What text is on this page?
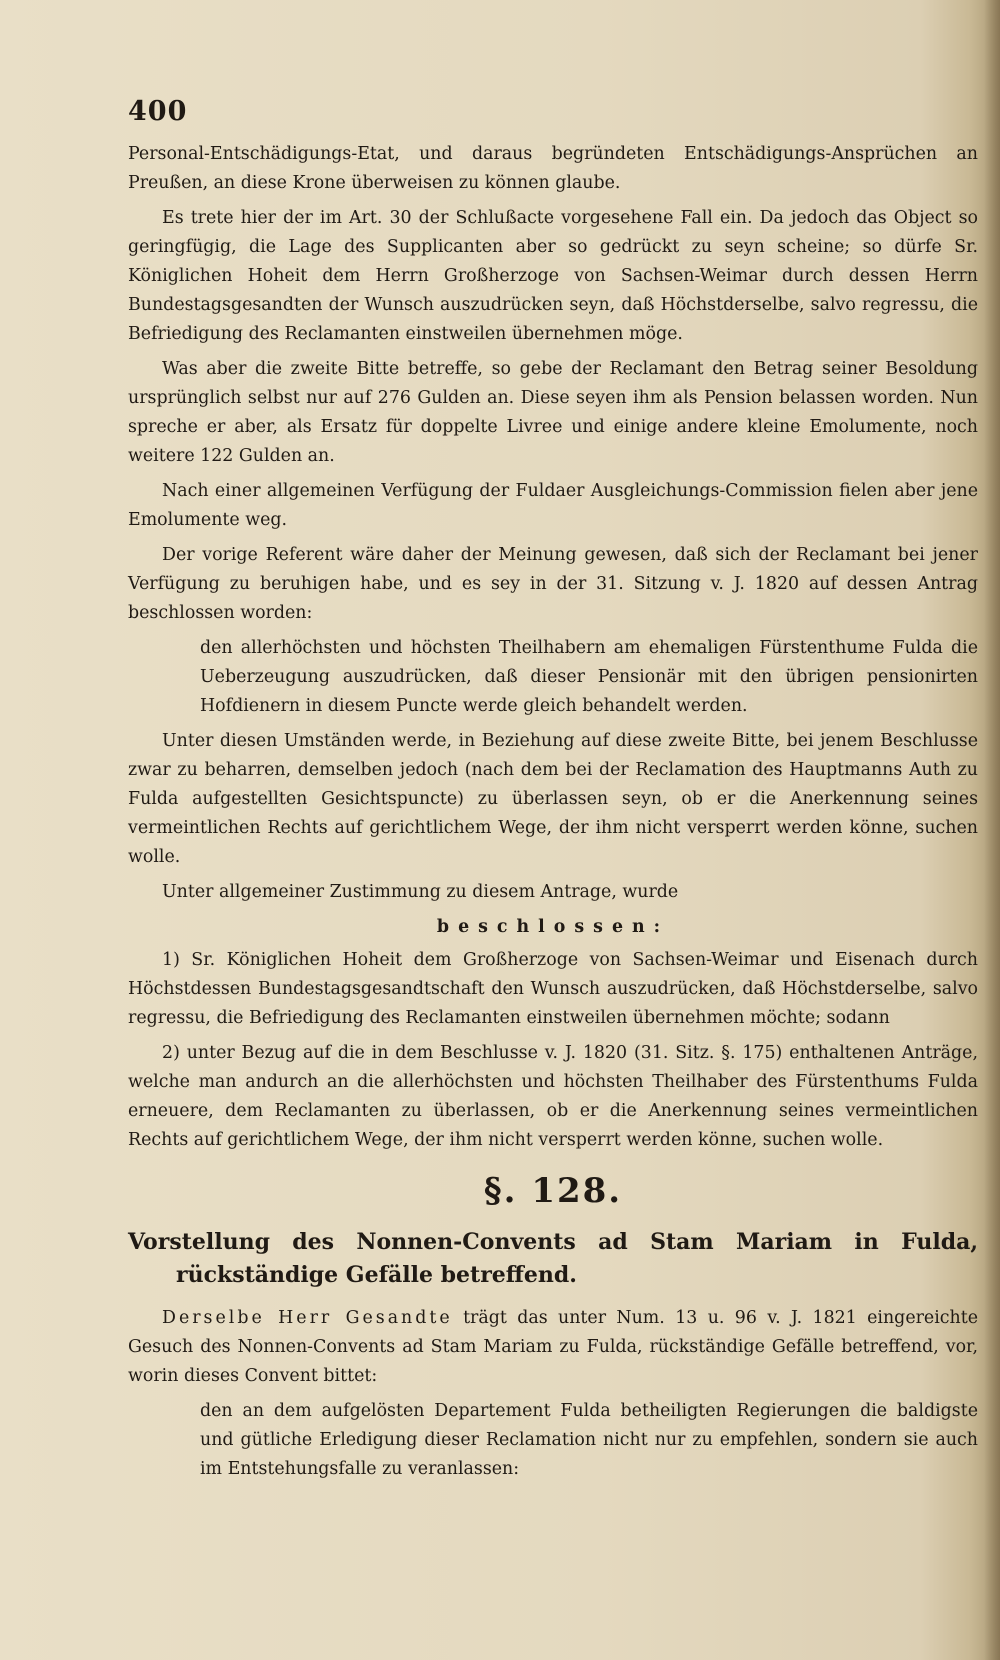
400

Personal-Entschädigungs-Etat, und daraus begründeten Entschädigungs-Ansprüchen an Preußen, an diese Krone überweisen zu können glaube.

Es trete hier der im Art. 30 der Schlußacte vorgesehene Fall ein. Da jedoch das Object so geringfügig, die Lage des Supplicanten aber so gedrückt zu seyn scheine; so dürfe Sr. Königlichen Hoheit dem Herrn Großherzoge von Sachsen-Weimar durch dessen Herrn Bundestagsgesandten der Wunsch auszudrücken seyn, daß Höchstderselbe, salvo regressu, die Befriedigung des Reclamanten einstweilen übernehmen möge.

Was aber die zweite Bitte betreffe, so gebe der Reclamant den Betrag seiner Besoldung ursprünglich selbst nur auf 276 Gulden an. Diese seyen ihm als Pension belassen worden. Nun spreche er aber, als Ersatz für doppelte Livree und einige andere kleine Emolumente, noch weitere 122 Gulden an.

Nach einer allgemeinen Verfügung der Fuldaer Ausgleichungs-Commission fielen aber jene Emolumente weg.

Der vorige Referent wäre daher der Meinung gewesen, daß sich der Reclamant bei jener Verfügung zu beruhigen habe, und es sey in der 31. Sitzung v. J. 1820 auf dessen Antrag beschlossen worden:

den allerhöchsten und höchsten Theilhabern am ehemaligen Fürstenthume Fulda die Ueberzeugung auszudrücken, daß dieser Pensionär mit den übrigen pensionirten Hofdienern in diesem Puncte werde gleich behandelt werden.

Unter diesen Umständen werde, in Beziehung auf diese zweite Bitte, bei jenem Beschlusse zwar zu beharren, demselben jedoch (nach dem bei der Reclamation des Hauptmanns Auth zu Fulda aufgestellten Gesichtspuncte) zu überlassen seyn, ob er die Anerkennung seines vermeintlichen Rechts auf gerichtlichem Wege, der ihm nicht versperrt werden könne, suchen wolle.

Unter allgemeiner Zustimmung zu diesem Antrage, wurde

beschlossen:

1) Sr. Königlichen Hoheit dem Großherzoge von Sachsen-Weimar und Eisenach durch Höchstdessen Bundestagsgesandtschaft den Wunsch auszudrücken, daß Höchstderselbe, salvo regressu, die Befriedigung des Reclamanten einstweilen übernehmen möchte; sodann

2) unter Bezug auf die in dem Beschlusse v. J. 1820 (31. Sitz. §. 175) enthaltenen Anträge, welche man andurch an die allerhöchsten und höchsten Theilhaber des Fürstenthums Fulda erneuere, dem Reclamanten zu überlassen, ob er die Anerkennung seines vermeintlichen Rechts auf gerichtlichem Wege, der ihm nicht versperrt werden könne, suchen wolle.

§. 128.

Vorstellung des Nonnen-Convents ad Stam Mariam in Fulda, rückständige Gefälle betreffend.

Derselbe Herr Gesandte trägt das unter Num. 13 u. 96 v. J. 1821 eingereichte Gesuch des Nonnen-Convents ad Stam Mariam zu Fulda, rückständige Gefälle betreffend, vor, worin dieses Convent bittet:

den an dem aufgelösten Departement Fulda betheiligten Regierungen die baldigste und gütliche Erledigung dieser Reclamation nicht nur zu empfehlen, sondern sie auch im Entstehungsfalle zu veranlassen:
